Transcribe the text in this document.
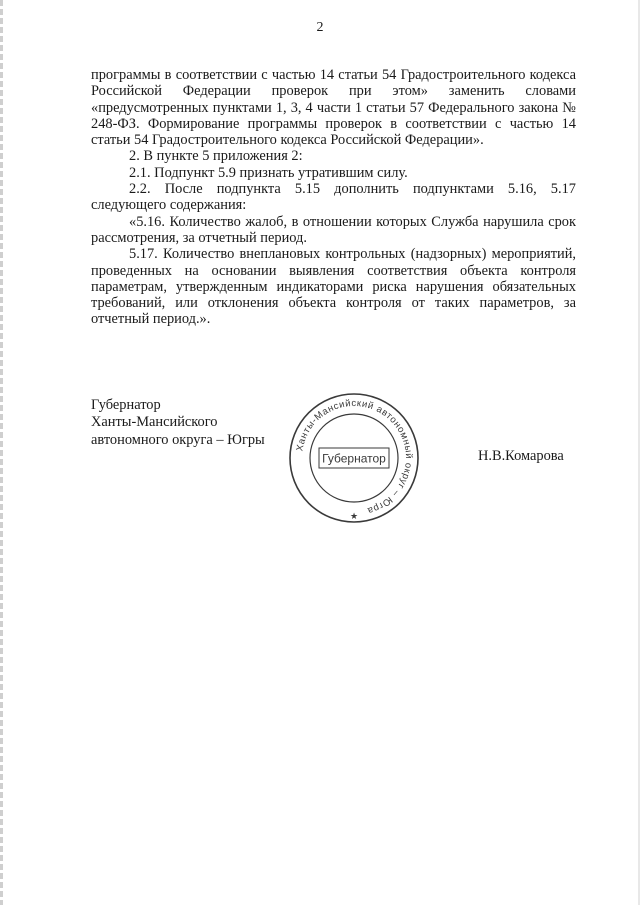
2

программы в соответствии с частью 14 статьи 54 Градостроительного кодекса Российской Федерации проверок при этом» заменить словами «предусмотренных пунктами 1, 3, 4 части 1 статьи 57 Федерального закона № 248-ФЗ. Формирование программы проверок в соответствии с частью 14 статьи 54 Градостроительного кодекса Российской Федерации».

2. В пункте 5 приложения 2:

2.1. Подпункт 5.9 признать утратившим силу.

2.2. После подпункта 5.15 дополнить подпунктами 5.16, 5.17 следующего содержания:

«5.16. Количество жалоб, в отношении которых Служба нарушила срок рассмотрения, за отчетный период.

5.17. Количество внеплановых контрольных (надзорных) мероприятий, проведенных на основании выявления соответствия объекта контроля параметрам, утвержденным индикаторами риска нарушения обязательных требований, или отклонения объекта контроля от таких параметров, за отчетный период.».

Губернатор
Ханты-Мансийского
автономного округа – Югры	Ханты-Мансийский автономный округ – Югра
Губернатор
★
Н.В.Комарова
